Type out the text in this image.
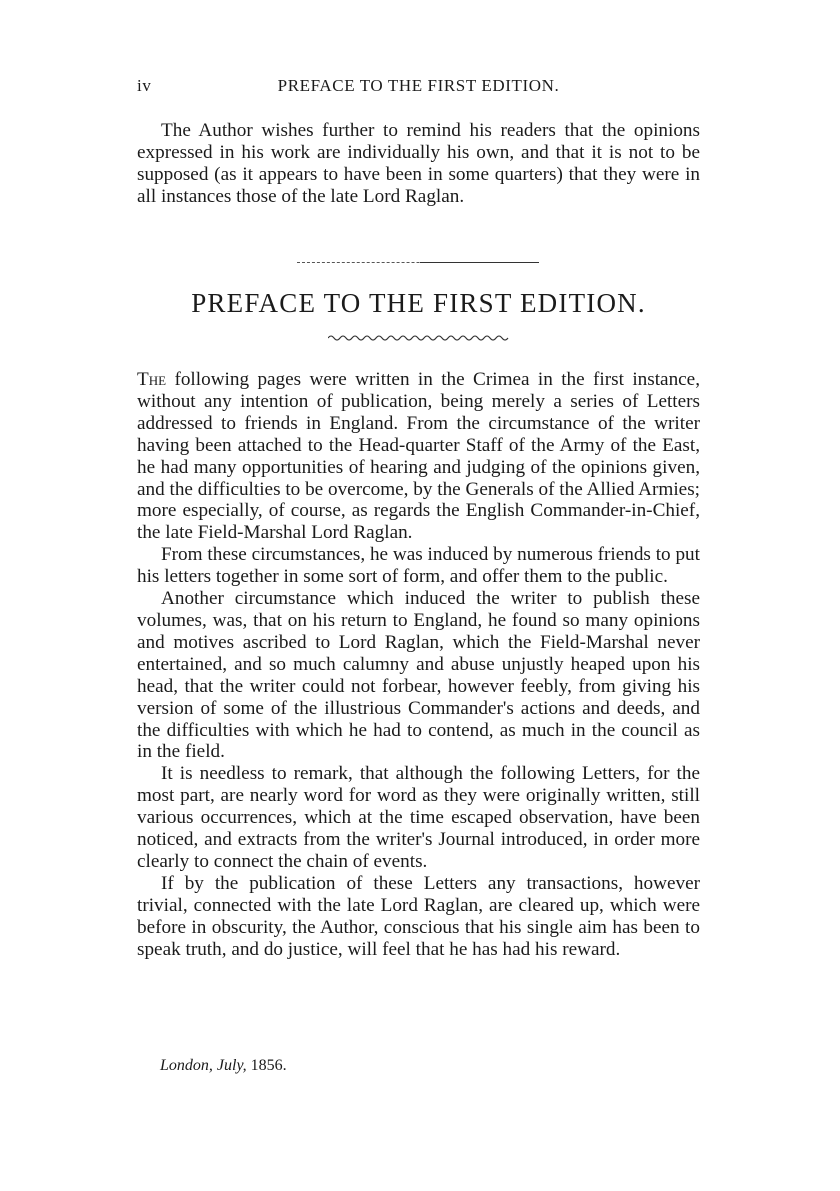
iv	PREFACE TO THE FIRST EDITION.

The Author wishes further to remind his readers that the opinions expressed in his work are individually his own, and that it is not to be supposed (as it appears to have been in some quarters) that they were in all instances those of the late Lord Raglan.

PREFACE TO THE FIRST EDITION.

The following pages were written in the Crimea in the first instance, without any intention of publication, being merely a series of Letters addressed to friends in England. From the circumstance of the writer having been attached to the Head-quarter Staff of the Army of the East, he had many opportunities of hearing and judging of the opinions given, and the difficulties to be overcome, by the Generals of the Allied Armies; more especially, of course, as regards the English Commander-in-Chief, the late Field-Marshal Lord Raglan.

From these circumstances, he was induced by numerous friends to put his letters together in some sort of form, and offer them to the public.

Another circumstance which induced the writer to publish these volumes, was, that on his return to England, he found so many opinions and motives ascribed to Lord Raglan, which the Field-Marshal never entertained, and so much calumny and abuse unjustly heaped upon his head, that the writer could not forbear, however feebly, from giving his version of some of the illustrious Commander's actions and deeds, and the difficulties with which he had to contend, as much in the council as in the field.

It is needless to remark, that although the following Letters, for the most part, are nearly word for word as they were originally written, still various occurrences, which at the time escaped observation, have been noticed, and extracts from the writer's Journal introduced, in order more clearly to connect the chain of events.

If by the publication of these Letters any transactions, however trivial, connected with the late Lord Raglan, are cleared up, which were before in obscurity, the Author, conscious that his single aim has been to speak truth, and do justice, will feel that he has had his reward.

London, July, 1856.
